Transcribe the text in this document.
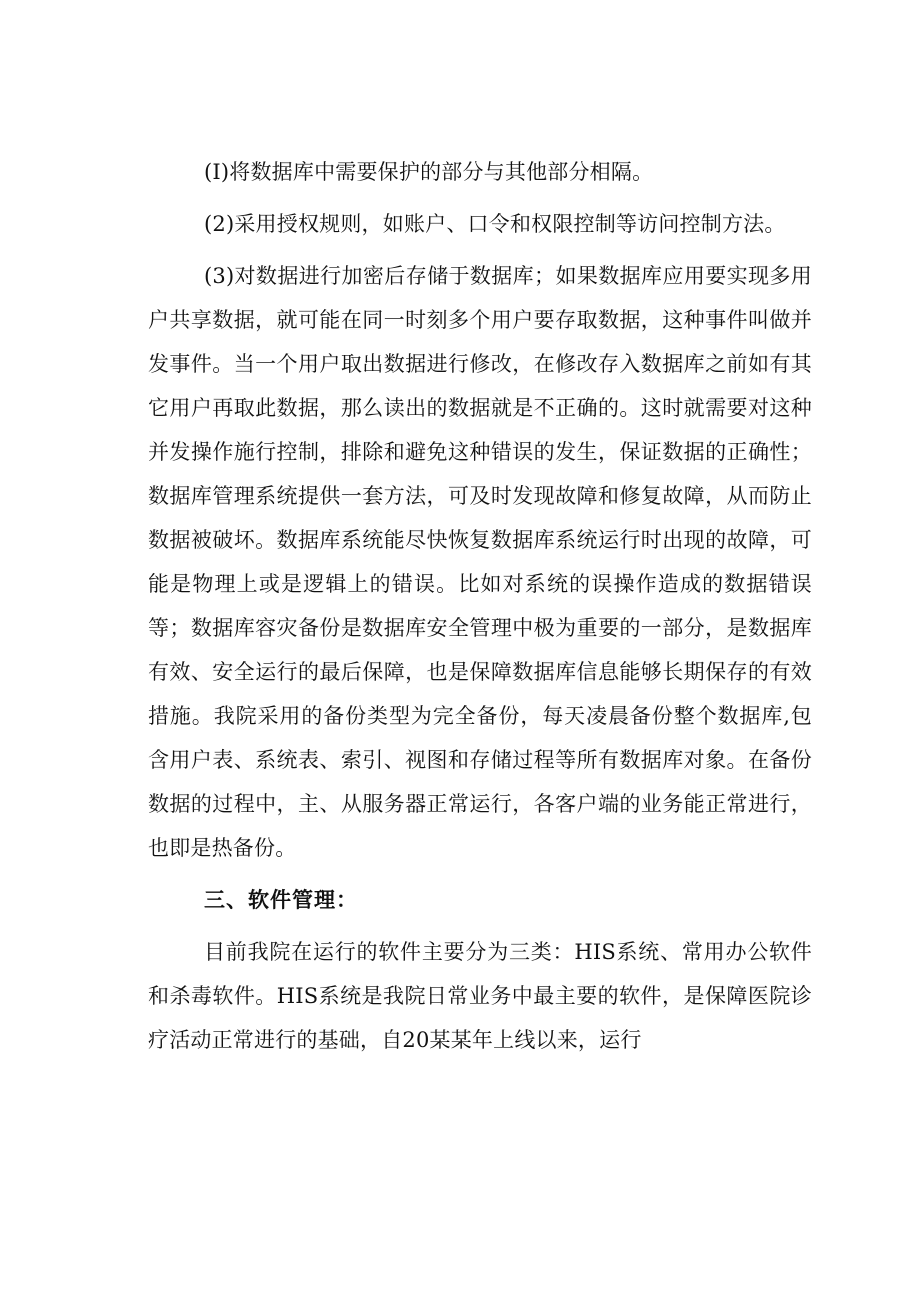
(I)将数据库中需要保护的部分与其他部分相隔。

(2)采用授权规则，如账户、口令和权限控制等访问控制方法。

(3)对数据进行加密后存储于数据库；如果数据库应用要实现多用户共享数据，就可能在同一时刻多个用户要存取数据，这种事件叫做并发事件。当一个用户取出数据进行修改，在修改存入数据库之前如有其它用户再取此数据，那么读出的数据就是不正确的。这时就需要对这种并发操作施行控制，排除和避免这种错误的发生，保证数据的正确性；数据库管理系统提供一套方法，可及时发现故障和修复故障，从而防止数据被破坏。数据库系统能尽快恢复数据库系统运行时出现的故障，可能是物理上或是逻辑上的错误。比如对系统的误操作造成的数据错误等；数据库容灾备份是数据库安全管理中极为重要的一部分，是数据库有效、安全运行的最后保障，也是保障数据库信息能够长期保存的有效措施。我院采用的备份类型为完全备份，每天凌晨备份整个数据库,包含用户表、系统表、索引、视图和存储过程等所有数据库对象。在备份数据的过程中，主、从服务器正常运行，各客户端的业务能正常进行，也即是热备份。

三、软件管理：

目前我院在运行的软件主要分为三类：HIS系统、常用办公软件和杀毒软件。HIS系统是我院日常业务中最主要的软件，是保障医院诊疗活动正常进行的基础，自20某某年上线以来，运行
